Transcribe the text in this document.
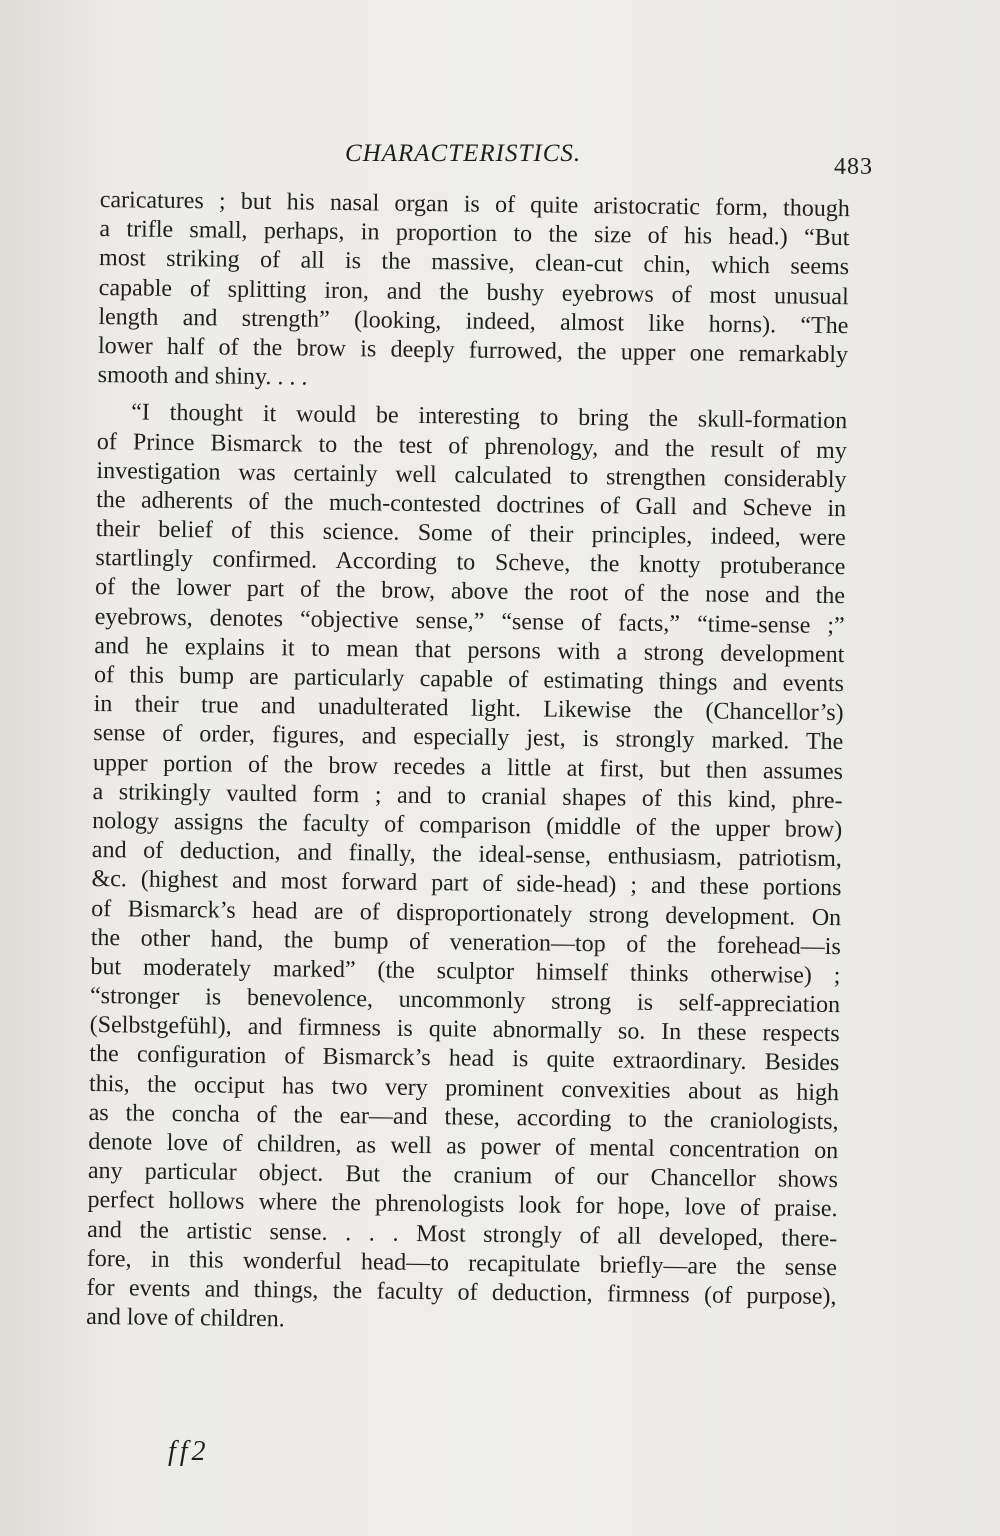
CHARACTERISTICS.	483
caricatures ; but his nasal organ is of quite aristocratic form, though
a trifle small, perhaps, in proportion to the size of his head.) “But
most striking of all is the massive, clean-cut chin, which seems
capable of splitting iron, and the bushy eyebrows of most unusual
length and strength” (looking, indeed, almost like horns). “The
lower half of the brow is deeply furrowed, the upper one remarkably
smooth and shiny. . . .
“I thought it would be interesting to bring the skull-formation
of Prince Bismarck to the test of phrenology, and the result of my
investigation was certainly well calculated to strengthen considerably
the adherents of the much-contested doctrines of Gall and Scheve in
their belief of this science. Some of their principles, indeed, were
startlingly confirmed. According to Scheve, the knotty protuberance
of the lower part of the brow, above the root of the nose and the
eyebrows, denotes “objective sense,” “sense of facts,” “time-sense ;”
and he explains it to mean that persons with a strong development
of this bump are particularly capable of estimating things and events
in their true and unadulterated light. Likewise the (Chancellor’s)
sense of order, figures, and especially jest, is strongly marked. The
upper portion of the brow recedes a little at first, but then assumes
a strikingly vaulted form ; and to cranial shapes of this kind, phre-
nology assigns the faculty of comparison (middle of the upper brow)
and of deduction, and finally, the ideal-sense, enthusiasm, patriotism,
&c. (highest and most forward part of side-head) ; and these portions
of Bismarck’s head are of disproportionately strong development. On
the other hand, the bump of veneration—top of the forehead—is
but moderately marked” (the sculptor himself thinks otherwise) ;
“stronger is benevolence, uncommonly strong is self-appreciation
(Selbstgefühl), and firmness is quite abnormally so. In these respects
the configuration of Bismarck’s head is quite extraordinary. Besides
this, the occiput has two very prominent convexities about as high
as the concha of the ear—and these, according to the craniologists,
denote love of children, as well as power of mental concentration on
any particular object. But the cranium of our Chancellor shows
perfect hollows where the phrenologists look for hope, love of praise.
and the artistic sense. . . . Most strongly of all developed, there-
fore, in this wonderful head—to recapitulate briefly—are the sense
for events and things, the faculty of deduction, firmness (of purpose),
and love of children.
ff2
